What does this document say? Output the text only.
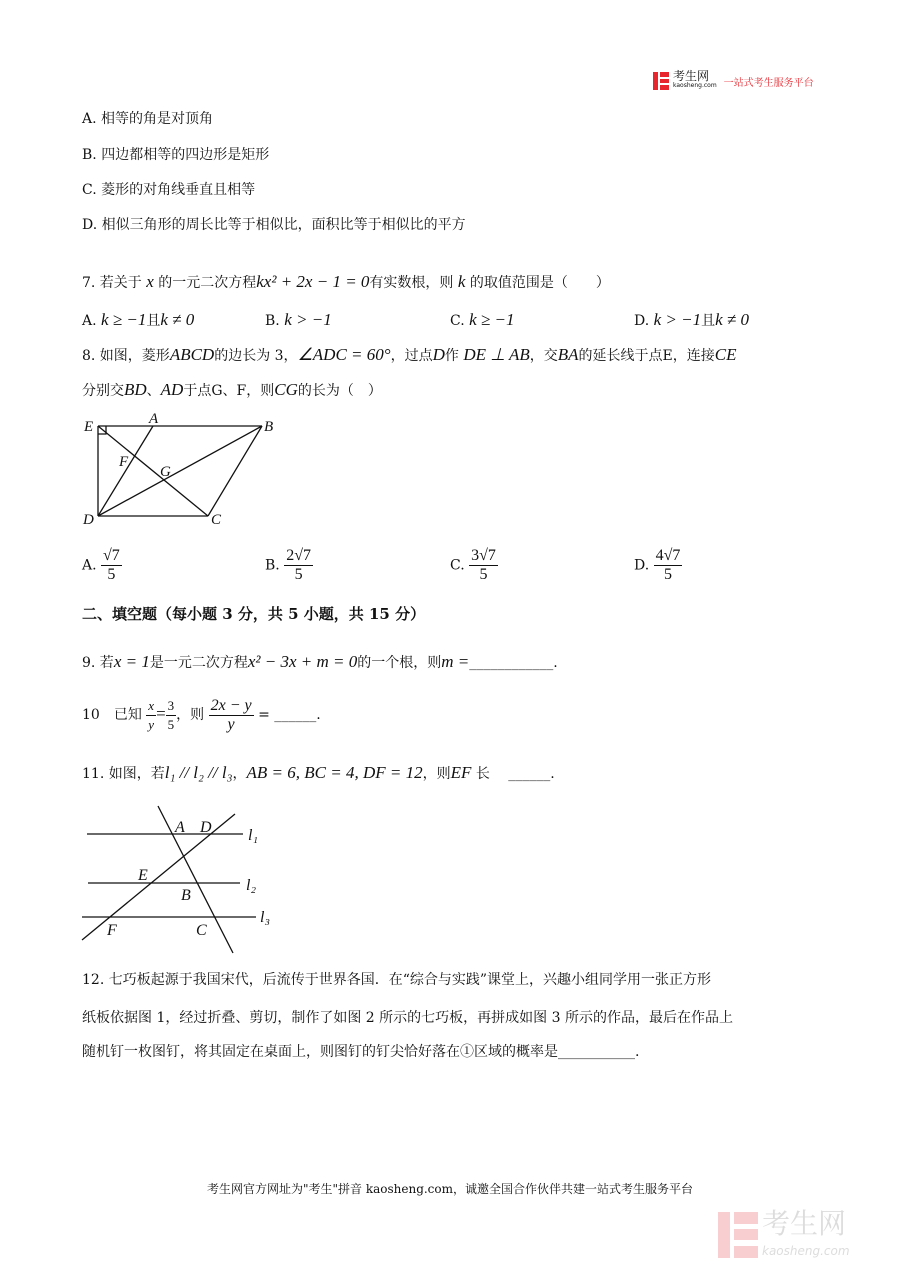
考生网
kaosheng.com 一站式考生服务平台
A. 相等的角是对顶角
B. 四边都相等的四边形是矩形
C. 菱形的对角线垂直且相等
D. 相似三角形的周长比等于相似比，面积比等于相似比的平方
7. 若关于 x 的一元二次方程kx² + 2x − 1 = 0有实数根，则 k 的取值范围是（　　）
A. k ≥ −1且k ≠ 0	B. k > −1	C. k ≥ −1	D. k > −1且k ≠ 0
8. 如图，菱形ABCD的边长为 3，∠ADC = 60°，过点D作 DE ⊥ AB，交BA的延长线于点E，连接CE
分别交BD、AD于点G、F，则CG的长为（　）
E	A	B
F
G
D	C
A D
E
B
F	C
l₁
l₂
l₃
A. $\frac{√7}{5}$	B. $\frac{2√7}{5}$	C. $\frac{3√7}{5}$	D. $\frac{4√7}{5}$
二、填空题（每小题 3 分，共 5 小题，共 15 分）
9. 若x = 1是一元二次方程x² − 3x + m = 0的一个根，则m =____________.
10　已知 $\frac{x}{y} = \frac{3}{5}$ ，则 $\frac{2x - y}{y}$ = ______.
11. 如图，若l₁ // l₂ // l₃，AB = 6, BC = 4, DF = 12，则EF 长　 ______.
12. 七巧板起源于我国宋代，后流传于世界各国．在“综合与实践”课堂上，兴趣小组同学用一张正方形
纸板依据图 1，经过折叠、剪切，制作了如图 2 所示的七巧板，再拼成如图 3 所示的作品，最后在作品上
随机钉一枚图钉，将其固定在桌面上，则图钉的钉尖恰好落在①区域的概率是___________.
考生网官方网址为"考生"拼音 kaosheng.com，诚邀全国合作伙伴共建一站式考生服务平台
考生网
kaosheng.com
